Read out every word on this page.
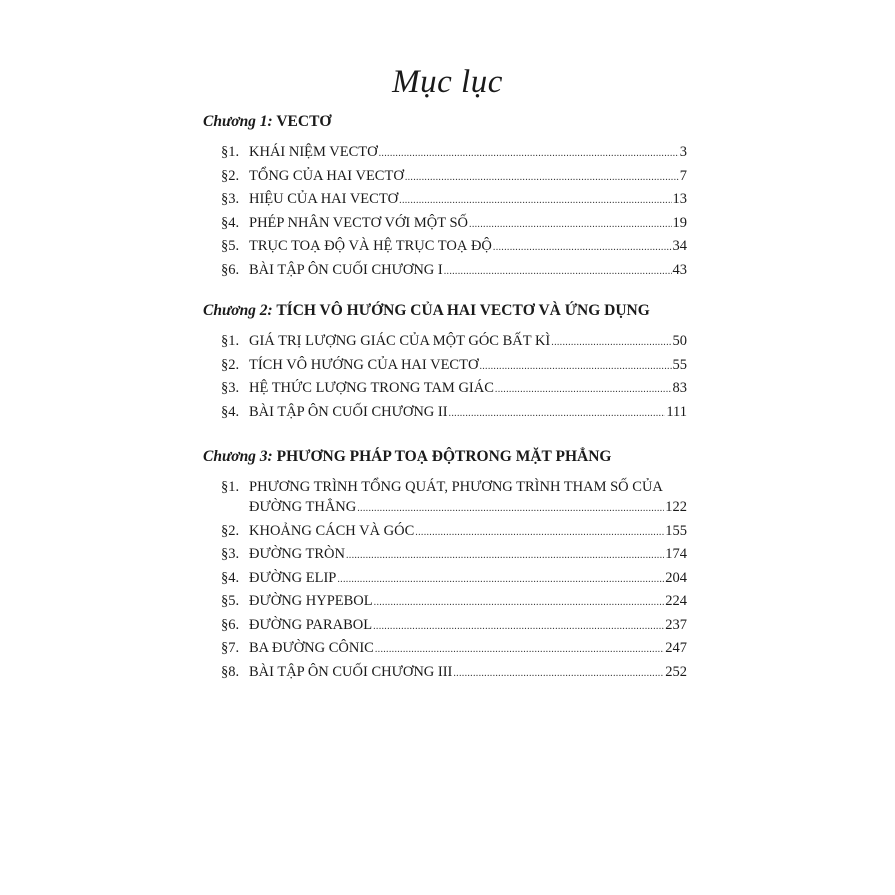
Mục lục
Chương 1: VECTƠ
§1. KHÁI NIỆM VECTƠ .....	3
§2. TỔNG CỦA HAI VECTƠ .....	7
§3. HIỆU CỦA HAI VECTƠ .....	13
§4. PHÉP NHÂN VECTƠ VỚI MỘT SỐ .....	19
§5. TRỤC TOẠ ĐỘ VÀ HỆ TRỤC TOẠ ĐỘ .....	34
§6. BÀI TẬP ÔN CUỐI CHƯƠNG I .....	43
Chương 2: TÍCH VÔ HƯỚNG CỦA HAI VECTƠ VÀ ỨNG DỤNG
§1. GIÁ TRỊ LƯỢNG GIÁC CỦA MỘT GÓC BẤT KÌ .....	50
§2. TÍCH VÔ HƯỚNG CỦA HAI VECTƠ .....	55
§3. HỆ THỨC LƯỢNG TRONG TAM GIÁC .....	83
§4. BÀI TẬP ÔN CUỐI CHƯƠNG II .....	111
Chương 3: PHƯƠNG PHÁP TOẠ ĐỘTRONG MẶT PHẲNG
§1. PHƯƠNG TRÌNH TỔNG QUÁT, PHƯƠNG TRÌNH THAM SỐ CỦA
ĐƯỜNG THẲNG .....	122
§2. KHOẢNG CÁCH VÀ GÓC .....	155
§3. ĐƯỜNG TRÒN .....	174
§4. ĐƯỜNG ELIP .....	204
§5. ĐƯỜNG HYPEBOL .....	224
§6. ĐƯỜNG PARABOL .....	237
§7. BA ĐƯỜNG CÔNIC .....	247
§8. BÀI TẬP ÔN CUỐI CHƯƠNG III .....	252
